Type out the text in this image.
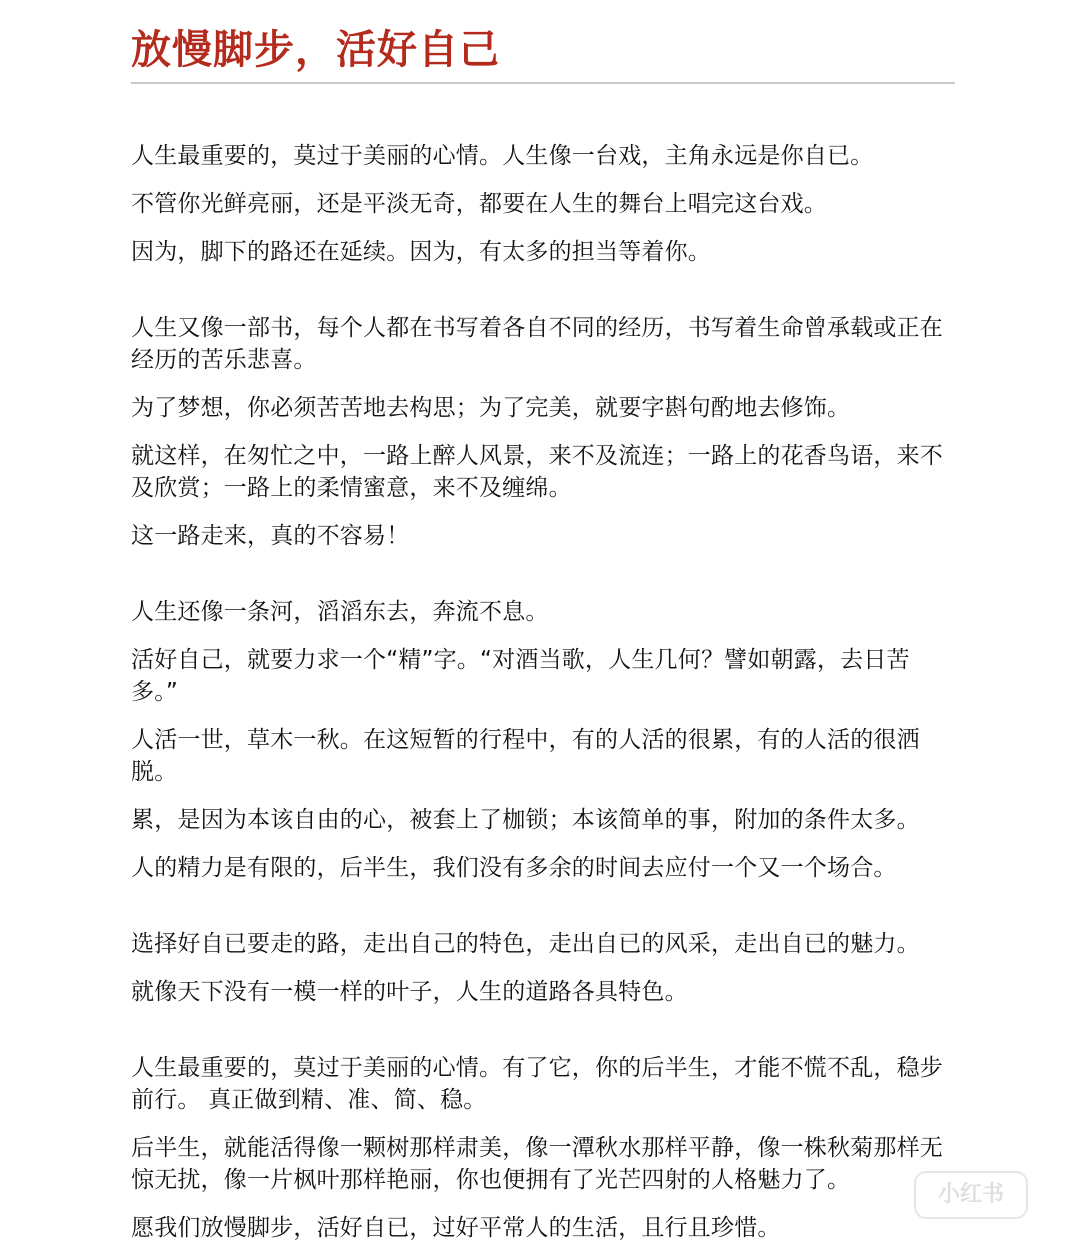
放慢脚步，活好自己

人生最重要的，莫过于美丽的心情。人生像一台戏，主角永远是你自已。

不管你光鲜亮丽，还是平淡无奇，都要在人生的舞台上唱完这台戏。

因为，脚下的路还在延续。因为，有太多的担当等着你。

人生又像一部书，每个人都在书写着各自不同的经历，书写着生命曾承载或正在经历的苦乐悲喜。

为了梦想，你必须苦苦地去构思；为了完美，就要字斟句酌地去修饰。

就这样，在匆忙之中，一路上醉人风景，来不及流连；一路上的花香鸟语，来不及欣赏；一路上的柔情蜜意，来不及缠绵。

这一路走来，真的不容易！

人生还像一条河，滔滔东去，奔流不息。

活好自己，就要力求一个“精”字。“对酒当歌，人生几何？譬如朝露，去日苦多。”

人活一世，草木一秋。在这短暂的行程中，有的人活的很累，有的人活的很洒脱。

累，是因为本该自由的心，被套上了枷锁；本该简单的事，附加的条件太多。

人的精力是有限的，后半生，我们没有多余的时间去应付一个又一个场合。

选择好自已要走的路，走出自己的特色，走出自已的风采，走出自已的魅力。

就像天下没有一模一样的叶子，人生的道路各具特色。

人生最重要的，莫过于美丽的心情。有了它，你的后半生，才能不慌不乱，稳步前行。 真正做到精、准、简、稳。

后半生，就能活得像一颗树那样肃美，像一潭秋水那样平静，像一株秋菊那样无惊无扰，像一片枫叶那样艳丽，你也便拥有了光芒四射的人格魅力了。

愿我们放慢脚步，活好自已，过好平常人的生活，且行且珍惜。

小红书
